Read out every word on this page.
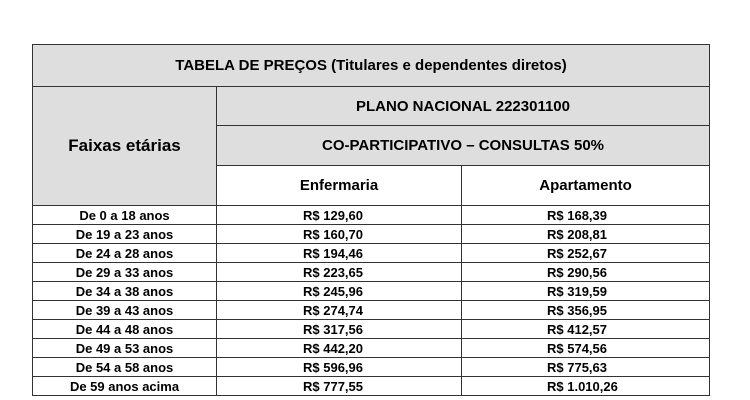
TABELA DE PREÇOS (Titulares e dependentes diretos)		
Faixas etárias	PLANO NACIONAL 222301100	
	CO-PARTICIPATIVO – CONSULTAS 50%	
	Enfermaria	Apartamento
De 0 a 18 anos	R$ 129,60	R$ 168,39
De 19 a 23 anos	R$ 160,70	R$ 208,81
De 24 a 28 anos	R$ 194,46	R$ 252,67
De 29 a 33 anos	R$ 223,65	R$ 290,56
De 34 a 38 anos	R$ 245,96	R$ 319,59
De 39 a 43 anos	R$ 274,74	R$ 356,95
De 44 a 48 anos	R$ 317,56	R$ 412,57
De 49 a 53 anos	R$ 442,20	R$ 574,56
De 54 a 58 anos	R$ 596,96	R$ 775,63
De 59 anos acima	R$ 777,55	R$ 1.010,26
